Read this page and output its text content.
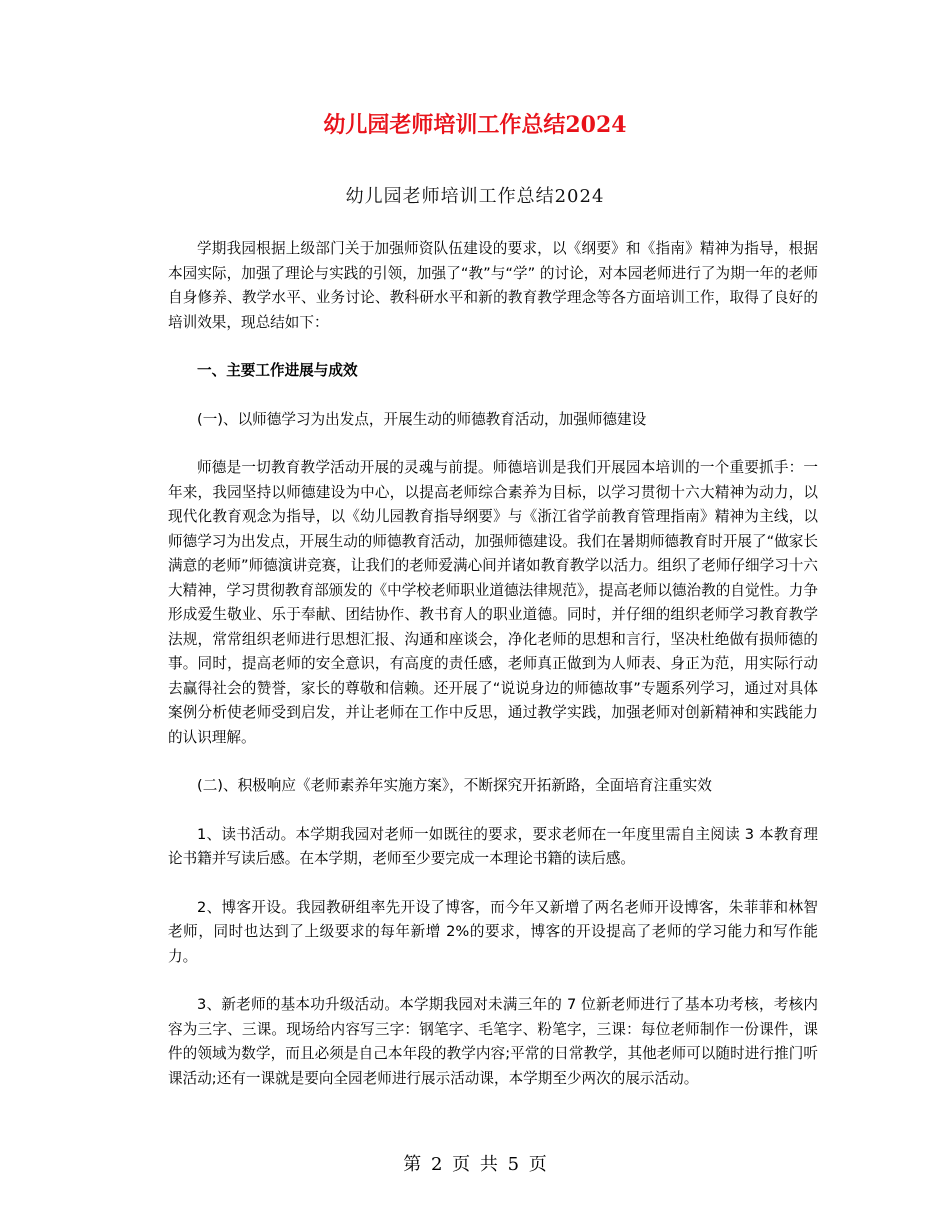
幼儿园老师培训工作总结2024
幼儿园老师培训工作总结2024

学期我园根据上级部门关于加强师资队伍建设的要求，以《纲要》和《指南》精神为指导，根据本园实际，加强了理论与实践的引领，加强了“教”与“学” 的讨论，对本园老师进行了为期一年的老师自身修养、教学水平、业务讨论、教科研水平和新的教育教学理念等各方面培训工作，取得了良好的培训效果，现总结如下：

一、主要工作进展与成效

(一)、以师德学习为出发点，开展生动的师德教育活动，加强师德建设

师德是一切教育教学活动开展的灵魂与前提。师德培训是我们开展园本培训的一个重要抓手：一年来，我园坚持以师德建设为中心，以提高老师综合素养为目标，以学习贯彻十六大精神为动力，以现代化教育观念为指导，以《幼儿园教育指导纲要》与《浙江省学前教育管理指南》精神为主线，以师德学习为出发点，开展生动的师德教育活动，加强师德建设。我们在暑期师德教育时开展了“做家长满意的老师”师德演讲竞赛，让我们的老师爱满心间并诸如教育教学以活力。组织了老师仔细学习十六大精神，学习贯彻教育部颁发的《中学校老师职业道德法律规范》，提高老师以德治教的自觉性。力争形成爱生敬业、乐于奉献、团结协作、教书育人的职业道德。同时，并仔细的组织老师学习教育教学法规，常常组织老师进行思想汇报、沟通和座谈会，净化老师的思想和言行，坚决杜绝做有损师德的事。同时，提高老师的安全意识，有高度的责任感，老师真正做到为人师表、身正为范，用实际行动去赢得社会的赞誉，家长的尊敬和信赖。还开展了“说说身边的师德故事”专题系列学习，通过对具体案例分析使老师受到启发，并让老师在工作中反思，通过教学实践，加强老师对创新精神和实践能力的认识理解。

(二)、积极响应《老师素养年实施方案》，不断探究开拓新路，全面培育注重实效

1、读书活动。本学期我园对老师一如既往的要求，要求老师在一年度里需自主阅读 3 本教育理论书籍并写读后感。在本学期，老师至少要完成一本理论书籍的读后感。

2、博客开设。我园教研组率先开设了博客，而今年又新增了两名老师开设博客，朱菲菲和林智老师，同时也达到了上级要求的每年新增 2%的要求，博客的开设提高了老师的学习能力和写作能力。

3、新老师的基本功升级活动。本学期我园对未满三年的 7 位新老师进行了基本功考核，考核内容为三字、三课。现场给内容写三字：钢笔字、毛笔字、粉笔字，三课：每位老师制作一份课件，课件的领域为数学，而且必须是自己本年段的教学内容;平常的日常教学，其他老师可以随时进行推门听课活动;还有一课就是要向全园老师进行展示活动课，本学期至少两次的展示活动。

第 2 页 共 5 页
